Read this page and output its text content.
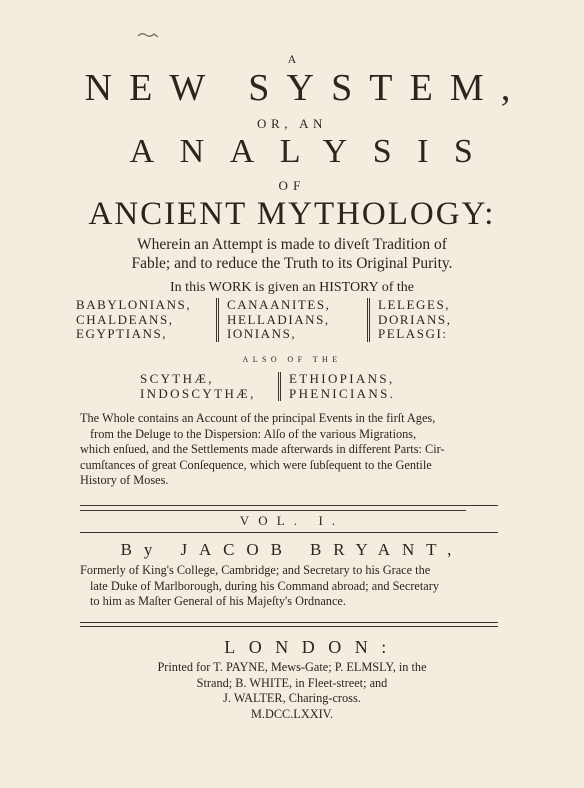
A
NEW SYSTEM,
OR, AN
ANALYSIS
OF
ANCIENT MYTHOLOGY:
Wherein an Attempt is made to diveſt Tradition of
Fable; and to reduce the Truth to its Original Purity.
In this WORK is given an HISTORY of the
BABYLONIANS,
CHALDEANS,
EGYPTIANS,
CANAANITES,
HELLADIANS,
IONIANS,
LELEGES,
DORIANS,
PELASGI:
ALSO OF THE
SCYTHÆ,
INDOSCYTHÆ,
ETHIOPIANS,
PHENICIANS.
The Whole contains an Account of the principal Events in the firſt Ages,
from the Deluge to the Dispersion: Alſo of the various Migrations,
which enſued, and the Settlements made afterwards in different Parts: Cir-
cumſtances of great Conſequence, which were ſubſequent to the Gentile
History of Moses.
VOL. I.
By JACOB BRYANT,
Formerly of King's College, Cambridge; and Secretary to his Grace the
late Duke of Marlborough, during his Command abroad; and Secretary
to him as Maſter General of his Majeſty's Ordnance.
LONDON:
Printed for T. PAYNE, Mews-Gate; P. ELMSLY, in the
Strand; B. WHITE, in Fleet-street; and
J. WALTER, Charing-cross.
M.DCC.LXXIV.
